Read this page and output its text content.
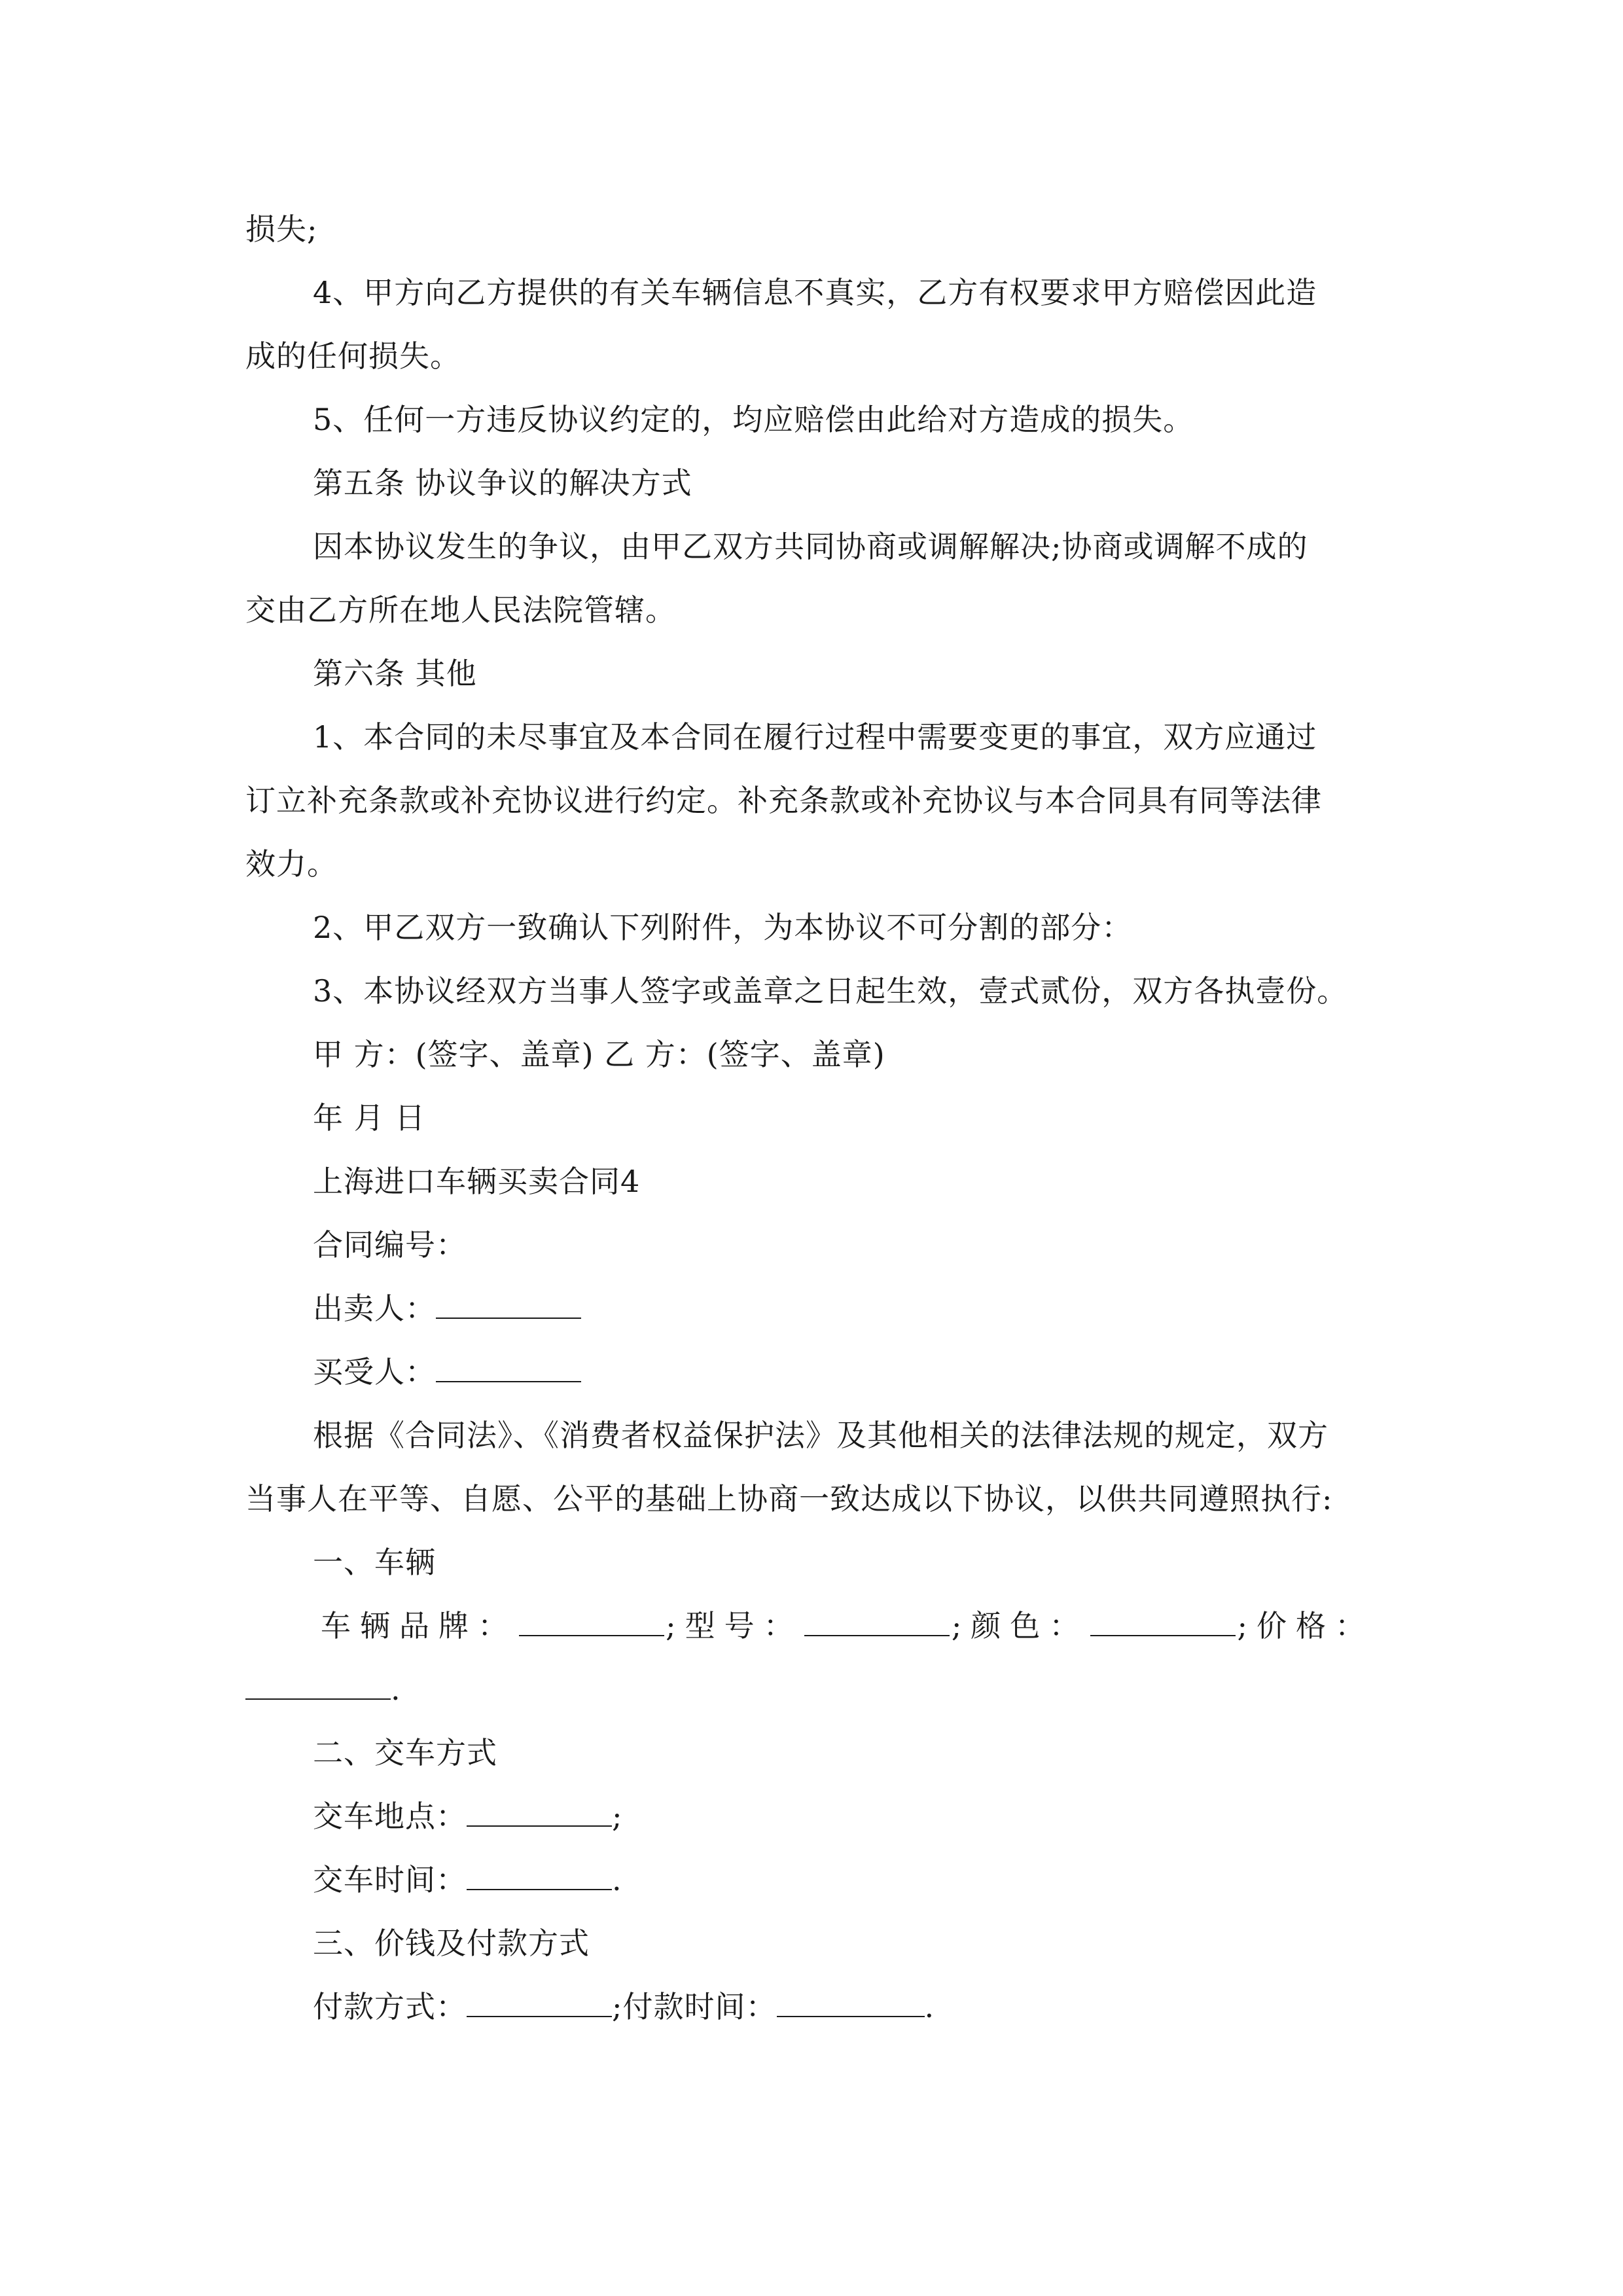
损失;
4、甲方向乙方提供的有关车辆信息不真实，乙方有权要求甲方赔偿因此造
成的任何损失。
5、任何一方违反协议约定的，均应赔偿由此给对方造成的损失。
第五条 协议争议的解决方式
因本协议发生的争议，由甲乙双方共同协商或调解解决;协商或调解不成的
交由乙方所在地人民法院管辖。
第六条 其他
1、本合同的未尽事宜及本合同在履行过程中需要变更的事宜，双方应通过
订立补充条款或补充协议进行约定。补充条款或补充协议与本合同具有同等法律
效力。
2、甲乙双方一致确认下列附件，为本协议不可分割的部分：
3、本协议经双方当事人签字或盖章之日起生效，壹式贰份，双方各执壹份。
甲 方：(签字、盖章) 乙 方：(签字、盖章)
年 月 日
上海进口车辆买卖合同4
合同编号：
出卖人：
买受人：
根据《合同法》、《消费者权益保护法》及其他相关的法律法规的规定，双方
当事人在平等、自愿、公平的基础上协商一致达成以下协议，以供共同遵照执行:
一、车辆
车辆品牌：	;型号：	;颜色：	;价格：
.
二、交车方式
交车地点：	;
交车时间：	.
三、价钱及付款方式
付款方式：	;付款时间：	.
